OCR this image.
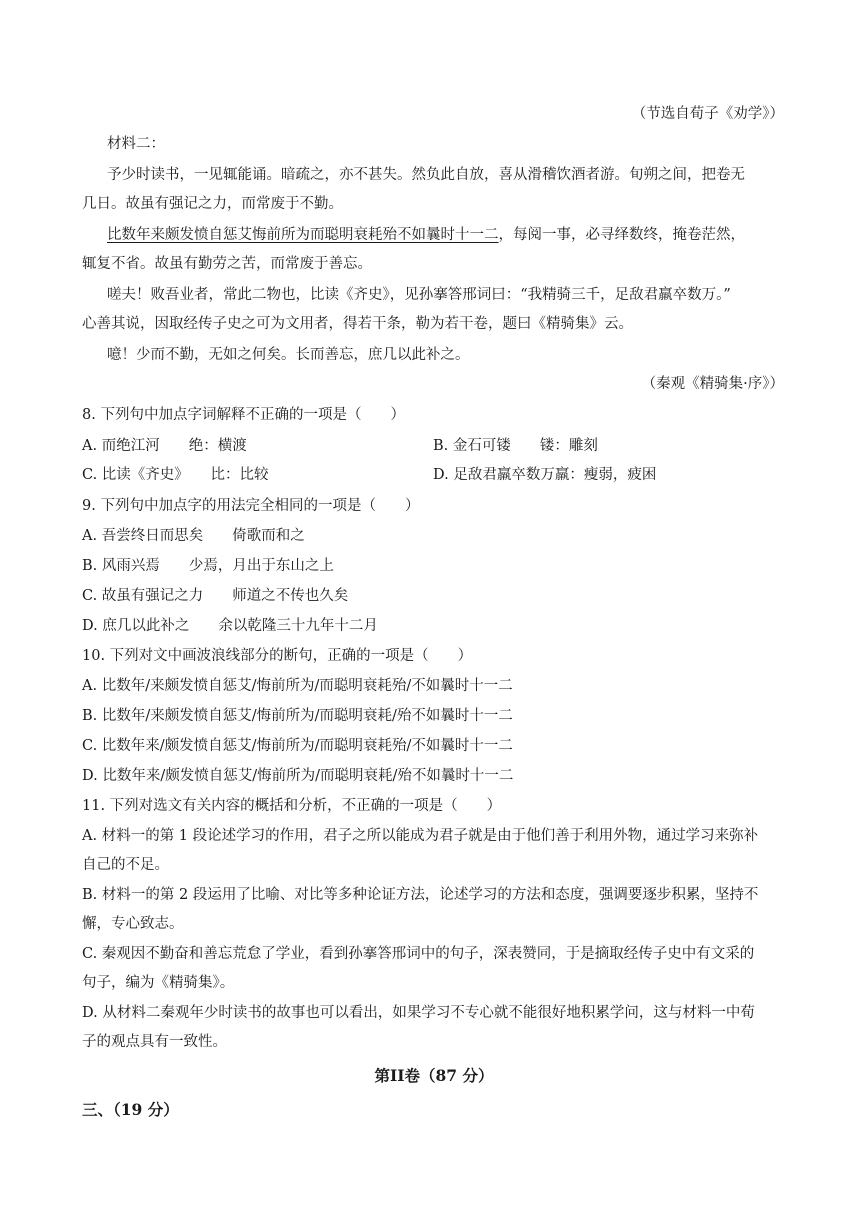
（节选自荀子《劝学》）
材料二：
予少时读书，一见辄能诵。暗疏之，亦不甚失。然负此自放，喜从滑稽饮酒者游。旬朔之间，把卷无
几日。故虽有强记之力，而常废于不勤。
比数年来颇发愤自惩艾悔前所为而聪明衰耗殆不如曩时十一二，每阅一事，必寻绎数终，掩卷茫然，
辄复不省。故虽有勤劳之苦，而常废于善忘。
嗟夫！败吾业者，常此二物也，比读《齐史》，见孙搴答邢词曰：“我精骑三千，足敌君羸卒数万。”
心善其说，因取经传子史之可为文用者，得若干条，勒为若干卷，题曰《精骑集》云。
噫！少而不勤，无如之何矣。长而善忘，庶几以此补之。
（秦观《精骑集·序》）
8. 下列句中加点字词解释不正确的一项是（　　）
A. 而绝江河　　绝：横渡	B. 金石可镂　　镂：雕刻
C. 比读《齐史》　　比：比较	D. 足敌君羸卒数万羸：瘦弱，疲困
9. 下列句中加点字的用法完全相同的一项是（　　）
A. 吾尝终日而思矣　　倚歌而和之
B. 风雨兴焉　　少焉，月出于东山之上
C. 故虽有强记之力　　师道之不传也久矣
D. 庶几以此补之　　余以乾隆三十九年十二月
10. 下列对文中画波浪线部分的断句，正确的一项是（　　）
A. 比数年/来颇发愤自惩艾/悔前所为/而聪明衰耗殆/不如曩时十一二
B. 比数年/来颇发愤自惩艾/悔前所为/而聪明衰耗/殆不如曩时十一二
C. 比数年来/颇发愤自惩艾/悔前所为/而聪明衰耗殆/不如曩时十一二
D. 比数年来/颇发愤自惩艾/悔前所为/而聪明衰耗/殆不如曩时十一二
11. 下列对选文有关内容的概括和分析，不正确的一项是（　　）
A. 材料一的第 1 段论述学习的作用，君子之所以能成为君子就是由于他们善于利用外物，通过学习来弥补
自己的不足。
B. 材料一的第 2 段运用了比喻、对比等多种论证方法，论述学习的方法和态度，强调要逐步积累，坚持不
懈，专心致志。
C. 秦观因不勤奋和善忘荒怠了学业，看到孙搴答邢词中的句子，深表赞同，于是摘取经传子史中有文采的
句子，编为《精骑集》。
D. 从材料二秦观年少时读书的故事也可以看出，如果学习不专心就不能很好地积累学问，这与材料一中荀
子的观点具有一致性。
第II卷（87 分）
三、（19 分）
